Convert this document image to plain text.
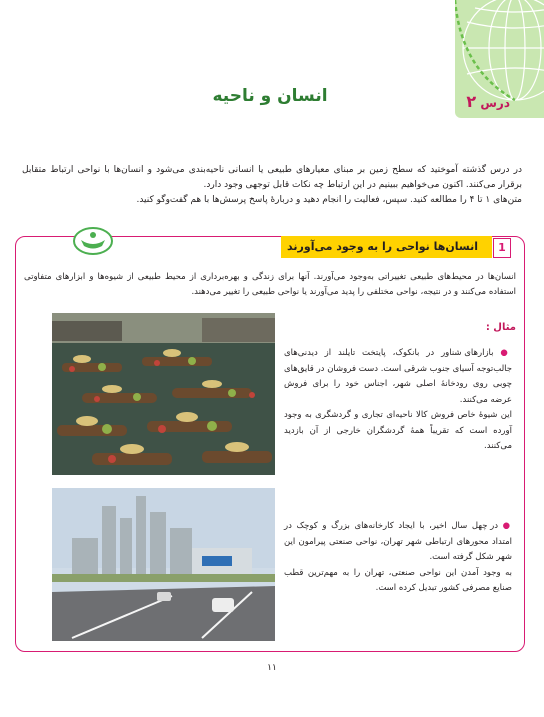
درس ۲
انسان و ناحیه

در درس گذشته آموختید که سطح زمین بر مبنای معیارهای طبیعی یا انسانی ناحیه‌بندی می‌شود و انسان‌ها با نواحی ارتباط متقابل برقرار می‌کنند. اکنون می‌خواهیم ببینیم در این ارتباط چه نکات قابل توجهی وجود دارد.

متن‌های ۱ تا ۴ را مطالعه کنید. سپس، فعالیت را انجام دهید و دربارهٔ پاسخ پرسش‌ها با هم گفت‌وگو کنید.

انسان‌ها نواحی را به وجود می‌آورند	1

انسان‌ها در محیط‌های طبیعی تغییراتی به‌وجود می‌آورند. آنها برای زندگی و بهره‌برداری از محیط طبیعی از شیوه‌ها و ابزارهای متفاوتی استفاده می‌کنند و در نتیجه، نواحی مختلفی را پدید می‌آورند یا نواحی طبیعی را تغییر می‌دهند.

مثال :

● بازارهای شناور در بانکوک، پایتخت تایلند از دیدنی‌های جالب‌توجه آسیای جنوب شرقی است. دست فروشان در قایق‌های چوبی روی رودخانهٔ اصلی شهر، اجناس خود را برای فروش عرضه می‌کنند.

این شیوهٔ خاص فروش کالا ناحیه‌ای تجاری و گردشگری به وجود آورده است که تقریباً همهٔ گردشگران خارجی از آن بازدید می‌کنند.

● در چهل سال اخیر، با ایجاد کارخانه‌های بزرگ و کوچک در امتداد محورهای ارتباطی شهر تهران، نواحی صنعتی پیرامون این شهر شکل گرفته است.

به وجود آمدن این نواحی صنعتی، تهران را به مهم‌ترین قطب صنایع مصرفی کشور تبدیل کرده است.

۱۱
